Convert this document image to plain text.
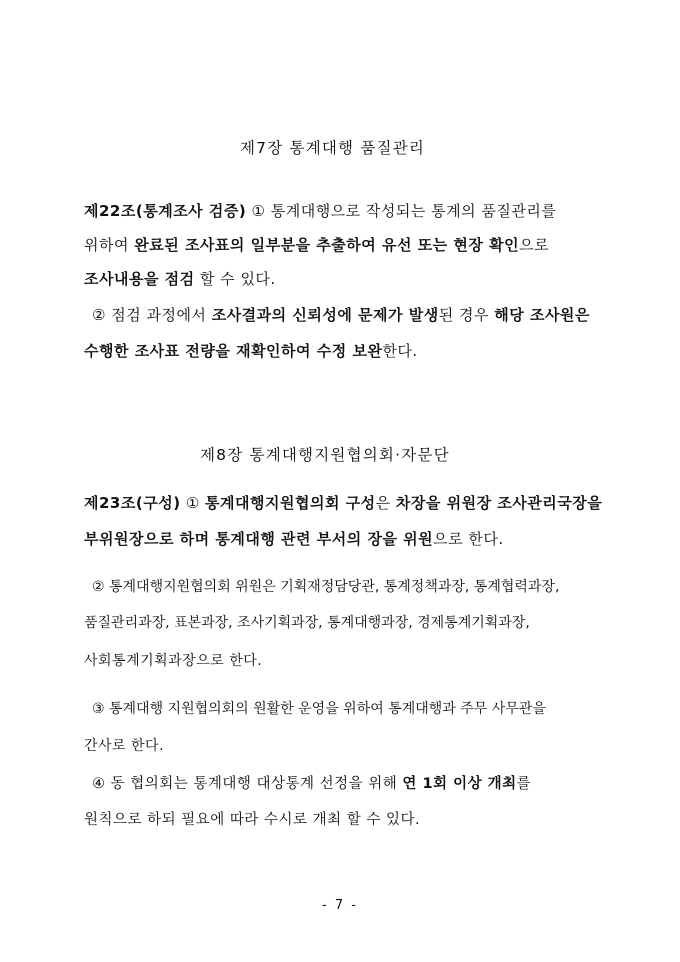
제7장 통계대행 품질관리
제22조(통계조사 검증) ① 통계대행으로 작성되는 통계의 품질관리를
위하여 완료된 조사표의 일부분을 추출하여 유선 또는 현장 확인으로
조사내용을 점검 할 수 있다.
② 점검 과정에서 조사결과의 신뢰성에 문제가 발생된 경우 해당 조사원은
수행한 조사표 전량을 재확인하여 수정 보완한다.
제8장 통계대행지원협의회·자문단
제23조(구성) ① 통계대행지원협의회 구성은 차장을 위원장 조사관리국장을
부위원장으로 하며 통계대행 관련 부서의 장을 위원으로 한다.
② 통계대행지원협의회 위원은 기획재정담당관, 통계정책과장, 통계협력과장,
품질관리과장, 표본과장, 조사기획과장, 통계대행과장, 경제통계기획과장,
사회통계기획과장으로 한다.
③ 통계대행 지원협의회의 원활한 운영을 위하여 통계대행과 주무 사무관을
간사로 한다.
④ 동 협의회는 통계대행 대상통계 선정을 위해 연 1회 이상 개최를
원칙으로 하되 필요에 따라 수시로 개최 할 수 있다.
- 7 -
